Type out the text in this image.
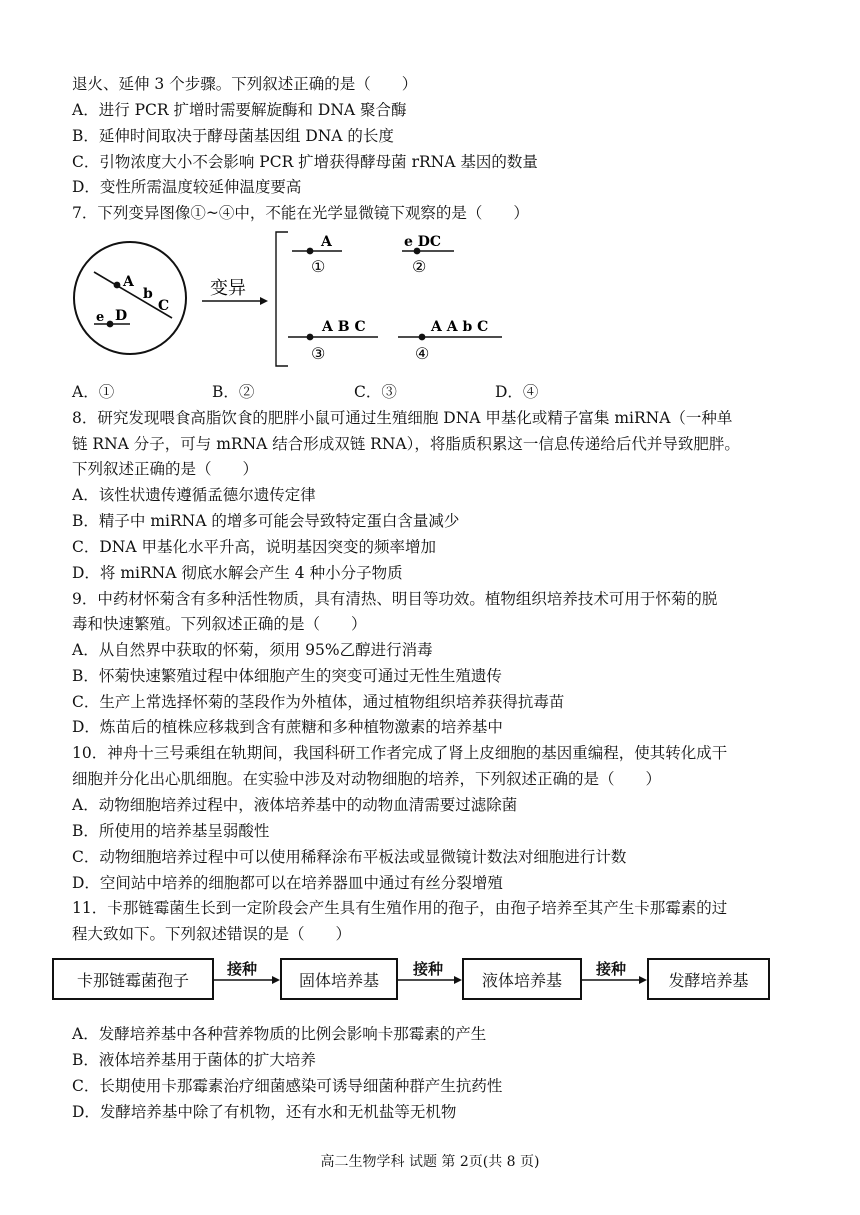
退火、延伸 3 个步骤。下列叙述正确的是（　　）
A．进行 PCR 扩增时需要解旋酶和 DNA 聚合酶
B．延伸时间取决于酵母菌基因组 DNA 的长度
C．引物浓度大小不会影响 PCR 扩增获得酵母菌 rRNA 基因的数量
D．变性所需温度较延伸温度要高
7．下列变异图像①~④中，不能在光学显微镜下观察的是（　　）
A
b
C
e D
变异
A
①
e DC
②
A B C
③
A A b C
④
A．①	B．②	C．③	D．④
8．研究发现喂食高脂饮食的肥胖小鼠可通过生殖细胞 DNA 甲基化或精子富集 miRNA（一种单
链 RNA 分子，可与 mRNA 结合形成双链 RNA），将脂质积累这一信息传递给后代并导致肥胖。
下列叙述正确的是（　　）
A．该性状遗传遵循孟德尔遗传定律
B．精子中 miRNA 的增多可能会导致特定蛋白含量减少
C．DNA 甲基化水平升高，说明基因突变的频率增加
D．将 miRNA 彻底水解会产生 4 种小分子物质
9．中药材怀菊含有多种活性物质，具有清热、明目等功效。植物组织培养技术可用于怀菊的脱
毒和快速繁殖。下列叙述正确的是（　　）
A．从自然界中获取的怀菊，须用 95%乙醇进行消毒
B．怀菊快速繁殖过程中体细胞产生的突变可通过无性生殖遗传
C．生产上常选择怀菊的茎段作为外植体，通过植物组织培养获得抗毒苗
D．炼苗后的植株应移栽到含有蔗糖和多种植物激素的培养基中
10．神舟十三号乘组在轨期间，我国科研工作者完成了肾上皮细胞的基因重编程，使其转化成干
细胞并分化出心肌细胞。在实验中涉及对动物细胞的培养，下列叙述正确的是（　　）
A．动物细胞培养过程中，液体培养基中的动物血清需要过滤除菌
B．所使用的培养基呈弱酸性
C．动物细胞培养过程中可以使用稀释涂布平板法或显微镜计数法对细胞进行计数
D．空间站中培养的细胞都可以在培养器皿中通过有丝分裂增殖
11．卡那链霉菌生长到一定阶段会产生具有生殖作用的孢子，由孢子培养至其产生卡那霉素的过
程大致如下。下列叙述错误的是（　　）
卡那链霉菌孢子	固体培养基	液体培养基	发酵培养基
接种	接种	接种
A．发酵培养基中各种营养物质的比例会影响卡那霉素的产生
B．液体培养基用于菌体的扩大培养
C．长期使用卡那霉素治疗细菌感染可诱导细菌种群产生抗药性
D．发酵培养基中除了有机物，还有水和无机盐等无机物
高二生物学科 试题 第 2页(共 8 页)
